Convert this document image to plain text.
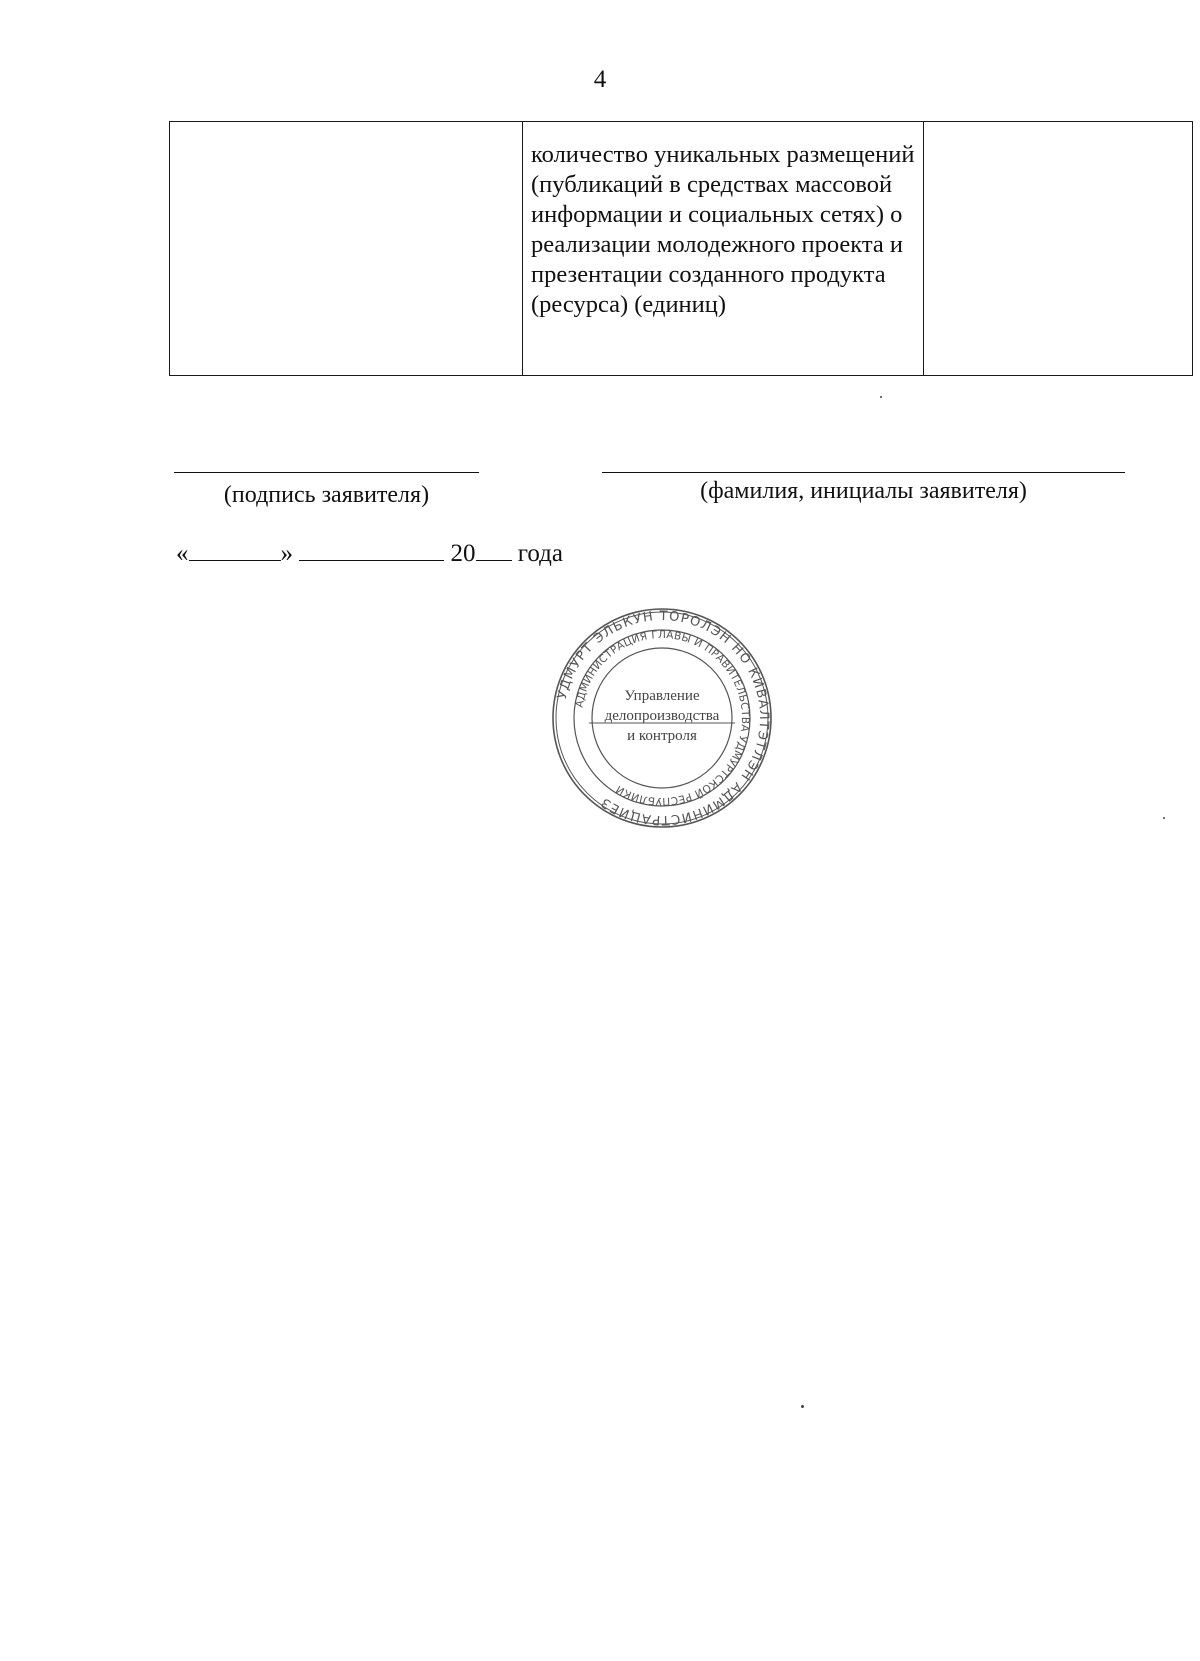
4
	количество уникальных размещений (публикаций в средствах массовой информации и социальных сетях) о реализации молодежного проекта и презентации созданного продукта (ресурса) (единиц)	
(подпись заявителя)	(фамилия, инициалы заявителя)
«	»	20 года
УДМУРТ ЭЛЬКУН ТӦРОЛЭН НО КИВАЛТЭТЛЭН АДМИНИСТРАЦИЕЗ
АДМИНИСТРАЦИЯ ГЛАВЫ И ПРАВИТЕЛЬСТВА УДМУРТСКОЙ РЕСПУБЛИКИ
Управление
делопроизводства
и контроля
